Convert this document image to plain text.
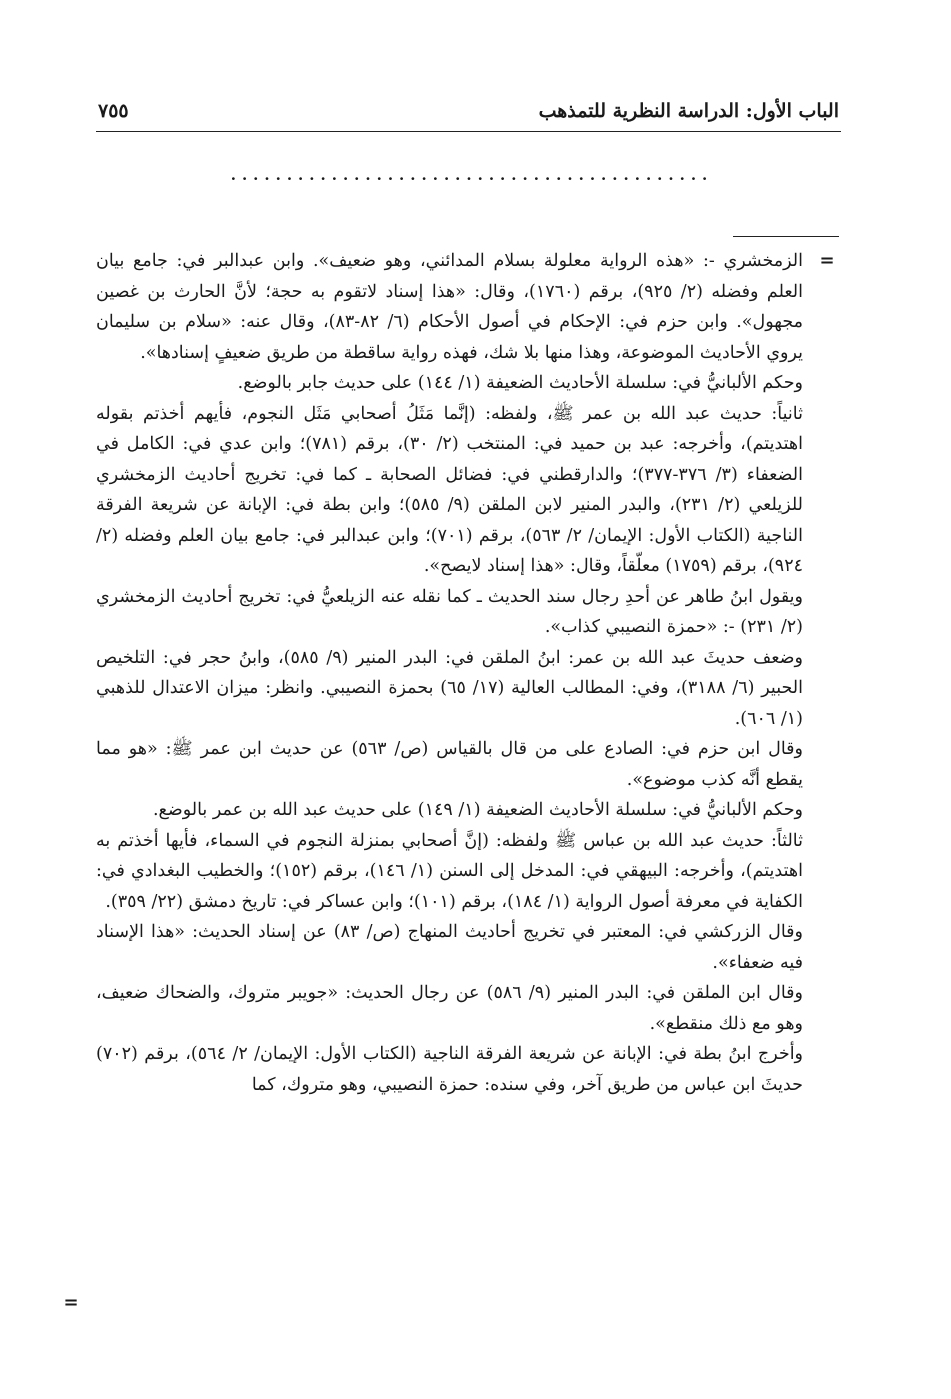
الباب الأول: الدراسة النظرية للتمذهب
٧٥٥
...........................................
=

الزمخشري -: «هذه الرواية معلولة بسلام المدائني، وهو ضعيف». وابن عبدالبر في: جامع بيان العلم وفضله (٢/ ٩٢٥)، برقم (١٧٦٠)، وقال: «هذا إسناد لاتقوم به حجة؛ لأنَّ الحارث بن غصين مجهول». وابن حزم في: الإحكام في أصول الأحكام (٦/ ٨٢-٨٣)، وقال عنه: «سلام بن سليمان يروي الأحاديث الموضوعة، وهذا منها بلا شك، فهذه رواية ساقطة من طريق ضعيفٍ إسنادها».

وحكم الألبانيُّ في: سلسلة الأحاديث الضعيفة (١/ ١٤٤) على حديث جابر بالوضع.

ثانياً: حديث عبد الله بن عمر ﷺ، ولفظه: (إنَّما مَثَلُ أصحابي مَثَل النجوم، فأيهم أخذتم بقوله اهتديتم)، وأخرجه: عبد بن حميد في: المنتخب (٢/ ٣٠)، برقم (٧٨١)؛ وابن عدي في: الكامل في الضعفاء (٣/ ٣٧٦-٣٧٧)؛ والدارقطني في: فضائل الصحابة ـ كما في: تخريج أحاديث الزمخشري للزيلعي (٢/ ٢٣١)، والبدر المنير لابن الملقن (٩/ ٥٨٥)؛ وابن بطة في: الإبانة عن شريعة الفرقة الناجية (الكتاب الأول: الإيمان/ ٢/ ٥٦٣)، برقم (٧٠١)؛ وابن عبدالبر في: جامع بيان العلم وفضله (٢/ ٩٢٤)، برقم (١٧٥٩) معلّقاً، وقال: «هذا إسناد لايصح».

ويقول ابنُ طاهر عن أحدِ رجال سند الحديث ـ كما نقله عنه الزيلعيُّ في: تخريج أحاديث الزمخشري (٢/ ٢٣١) -: «حمزة النصيبي كذاب».

وضعف حديثَ عبد الله بن عمر: ابنُ الملقن في: البدر المنير (٩/ ٥٨٥)، وابنُ حجر في: التلخيص الحبير (٦/ ٣١٨٨)، وفي: المطالب العالية (١٧/ ٦٥) بحمزة النصيبي. وانظر: ميزان الاعتدال للذهبي (١/ ٦٠٦).

وقال ابن حزم في: الصادع على من قال بالقياس (ص/ ٥٦٣) عن حديث ابن عمر ﷺ: «هو مما يقطع أنَّه كذب موضوع».

وحكم الألبانيُّ في: سلسلة الأحاديث الضعيفة (١/ ١٤٩) على حديث عبد الله بن عمر بالوضع.

ثالثاً: حديث عبد الله بن عباس ﷺ ولفظه: (إنَّ أصحابي بمنزلة النجوم في السماء، فأيها أخذتم به اهتديتم)، وأخرجه: البيهقي في: المدخل إلى السنن (١/ ١٤٦)، برقم (١٥٢)؛ والخطيب البغدادي في: الكفاية في معرفة أصول الرواية (١/ ١٨٤)، برقم (١٠١)؛ وابن عساكر في: تاريخ دمشق (٢٢/ ٣٥٩).

وقال الزركشي في: المعتبر في تخريج أحاديث المنهاج (ص/ ٨٣) عن إسناد الحديث: «هذا الإسناد فيه ضعفاء».

وقال ابن الملقن في: البدر المنير (٩/ ٥٨٦) عن رجال الحديث: «جويبر متروك، والضحاك ضعيف، وهو مع ذلك منقطع».

وأخرج ابنُ بطة في: الإبانة عن شريعة الفرقة الناجية (الكتاب الأول: الإيمان/ ٢/ ٥٦٤)، برقم (٧٠٢) حديثَ ابن عباس من طريق آخر، وفي سنده: حمزة النصيبي، وهو متروك، كما

=
